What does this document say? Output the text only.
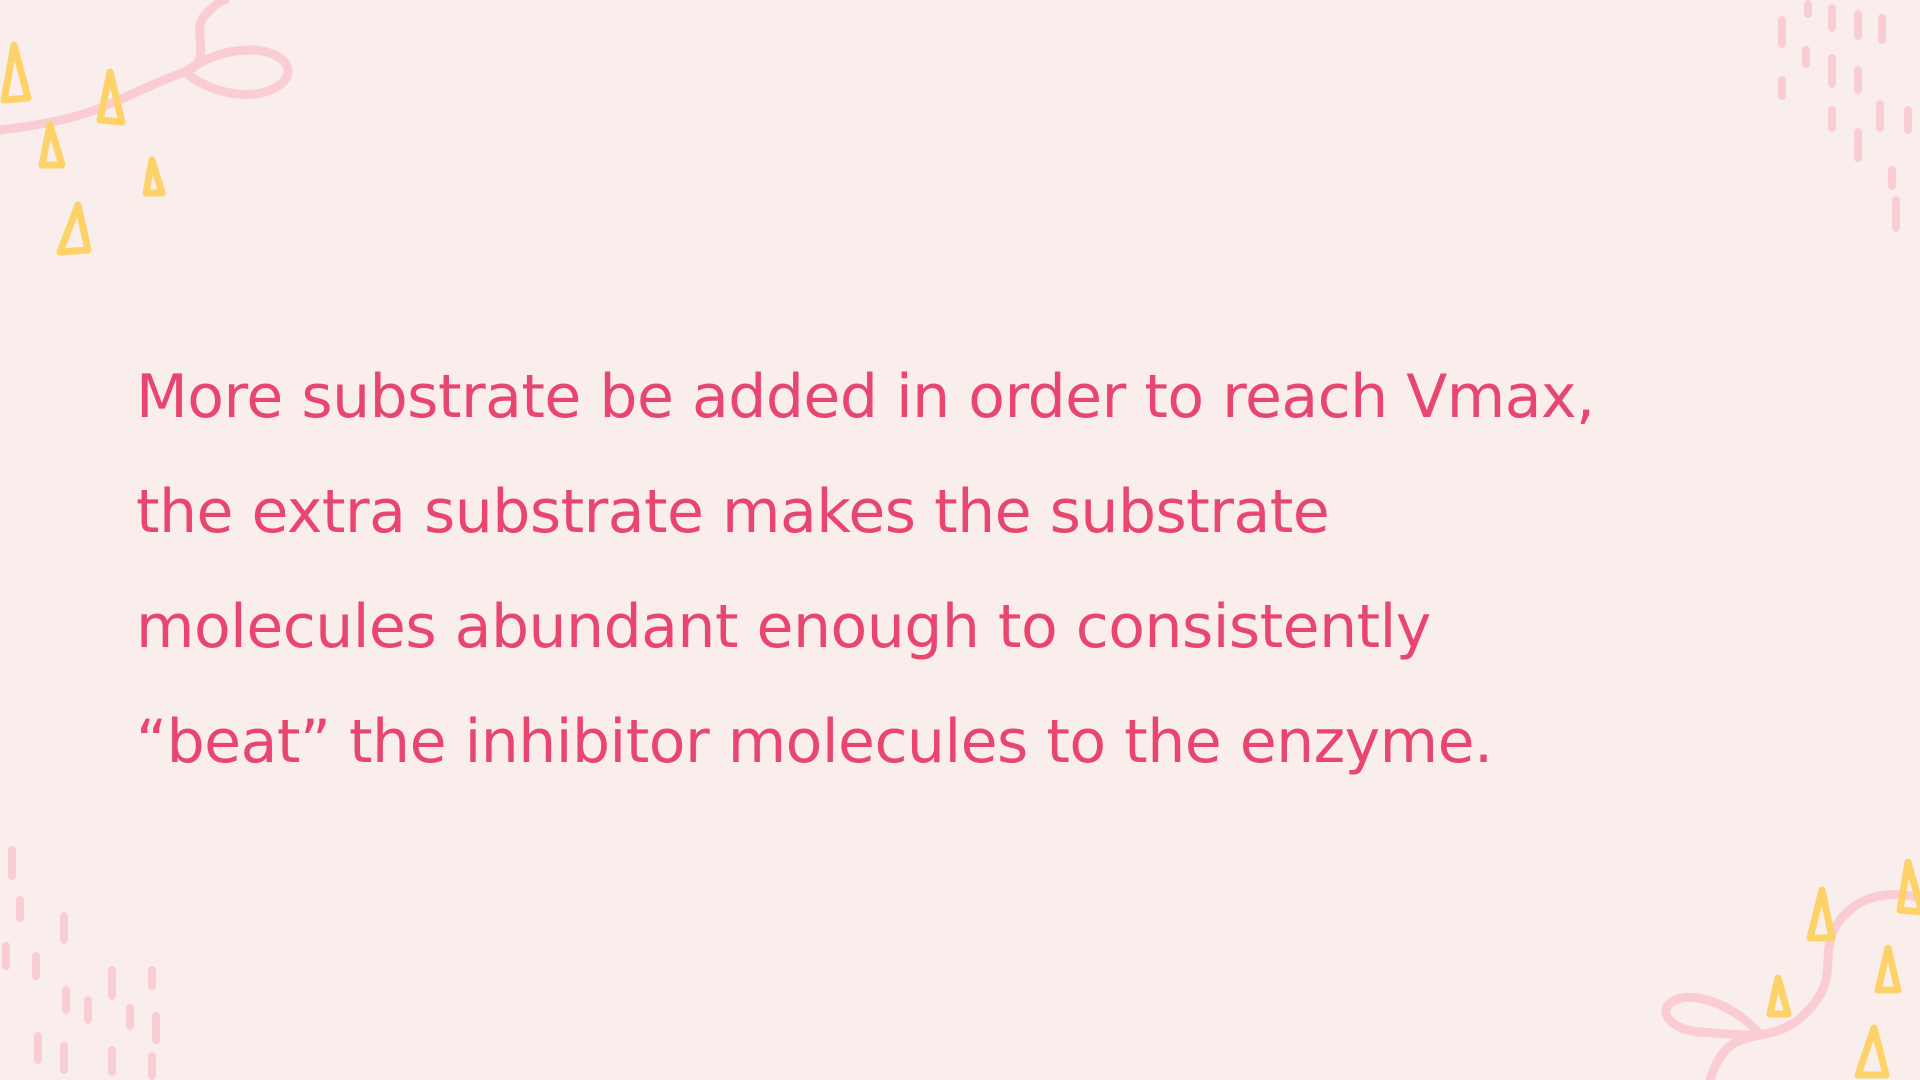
More substrate be added in order to reach Vmax,
the extra substrate makes the substrate
molecules abundant enough to consistently
“beat” the inhibitor molecules to the enzyme.
